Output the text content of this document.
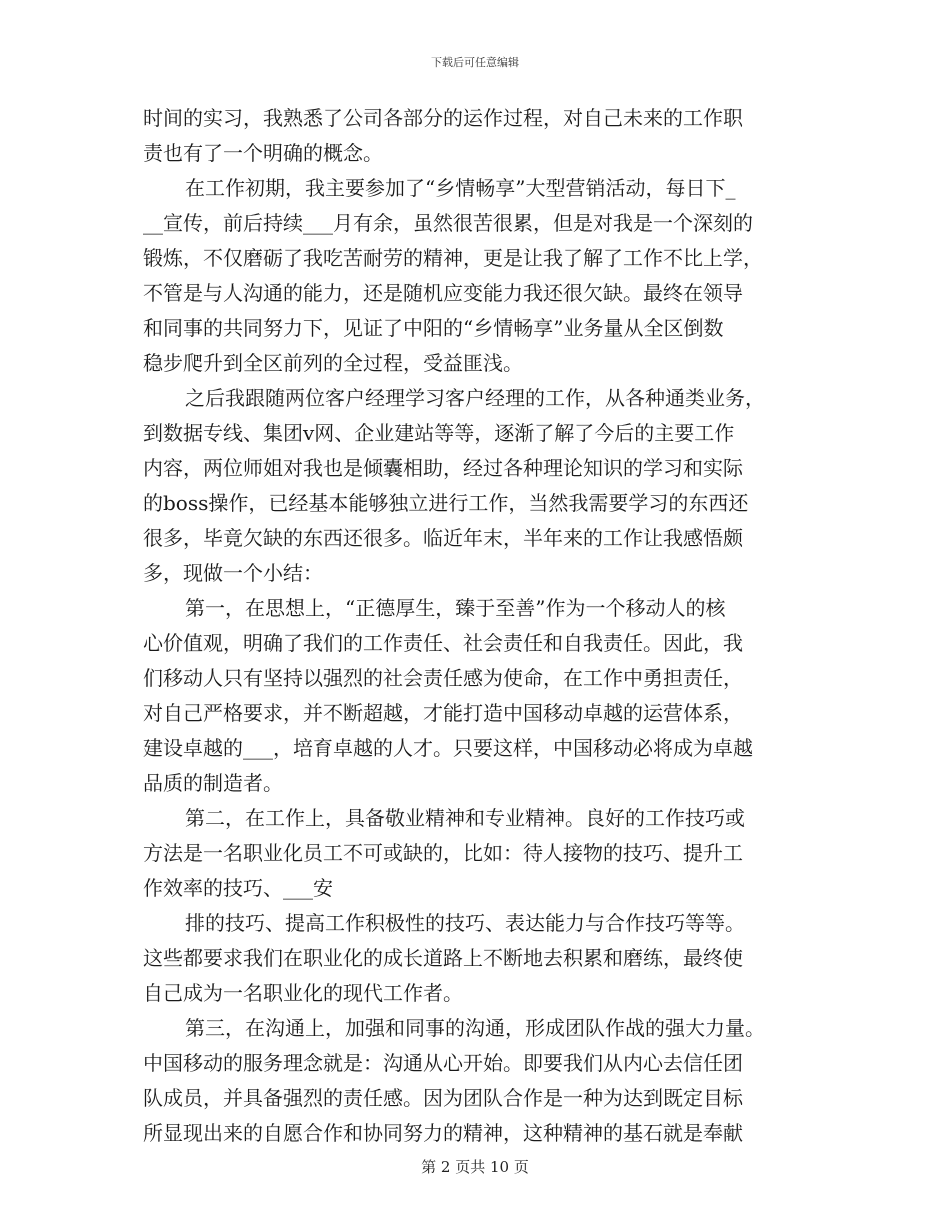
下载后可任意编辑
时间的实习，我熟悉了公司各部分的运作过程，对自己未来的工作职
责也有了一个明确的概念。
在工作初期，我主要参加了“乡情畅享”大型营销活动，每日下_
__宣传，前后持续___月有余，虽然很苦很累，但是对我是一个深刻的
锻炼，不仅磨砺了我吃苦耐劳的精神，更是让我了解了工作不比上学，
不管是与人沟通的能力，还是随机应变能力我还很欠缺。最终在领导
和同事的共同努力下，见证了中阳的“乡情畅享”业务量从全区倒数
稳步爬升到全区前列的全过程，受益匪浅。
之后我跟随两位客户经理学习客户经理的工作，从各种通类业务，
到数据专线、集团v网、企业建站等等，逐渐了解了今后的主要工作
内容，两位师姐对我也是倾囊相助，经过各种理论知识的学习和实际
的boss操作，已经基本能够独立进行工作，当然我需要学习的东西还
很多，毕竟欠缺的东西还很多。临近年末，半年来的工作让我感悟颇
多，现做一个小结：
第一，在思想上，“正德厚生，臻于至善”作为一个移动人的核
心价值观，明确了我们的工作责任、社会责任和自我责任。因此，我
们移动人只有坚持以强烈的社会责任感为使命，在工作中勇担责任，
对自己严格要求，并不断超越，才能打造中国移动卓越的运营体系，
建设卓越的___，培育卓越的人才。只要这样，中国移动必将成为卓越
品质的制造者。
第二，在工作上，具备敬业精神和专业精神。良好的工作技巧或
方法是一名职业化员工不可或缺的，比如：待人接物的技巧、提升工
作效率的技巧、___安
排的技巧、提高工作积极性的技巧、表达能力与合作技巧等等。
这些都要求我们在职业化的成长道路上不断地去积累和磨练，最终使
自己成为一名职业化的现代工作者。
第三，在沟通上，加强和同事的沟通，形成团队作战的强大力量。
中国移动的服务理念就是：沟通从心开始。即要我们从内心去信任团
队成员，并具备强烈的责任感。因为团队合作是一种为达到既定目标
所显现出来的自愿合作和协同努力的精神，这种精神的基石就是奉献
第 2 页共 10 页
